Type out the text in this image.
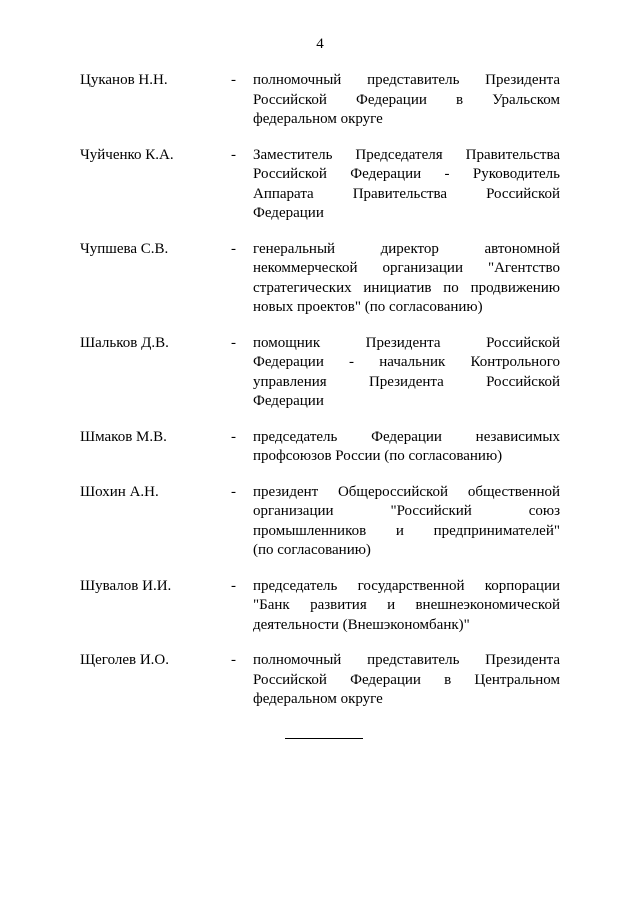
4
Цуканов Н.Н.	- полномочный представитель Президента
Российской Федерации в Уральском
федеральном округе
Чуйченко К.А.	- Заместитель Председателя Правительства
Российской Федерации - Руководитель
Аппарата Правительства Российской
Федерации
Чупшева С.В.	- генеральный директор автономной
некоммерческой организации "Агентство
стратегических инициатив по продвижению
новых проектов" (по согласованию)
Шальков Д.В.	- помощник Президента Российской
Федерации - начальник Контрольного
управления Президента Российской
Федерации
Шмаков М.В.	- председатель Федерации независимых
профсоюзов России (по согласованию)
Шохин А.Н.	- президент Общероссийской общественной
организации "Российский союз
промышленников и предпринимателей"
(по согласованию)
Шувалов И.И.	- председатель государственной корпорации
"Банк развития и внешнеэкономической
деятельности (Внешэкономбанк)"
Щеголев И.О.	- полномочный представитель Президента
Российской Федерации в Центральном
федеральном округе
